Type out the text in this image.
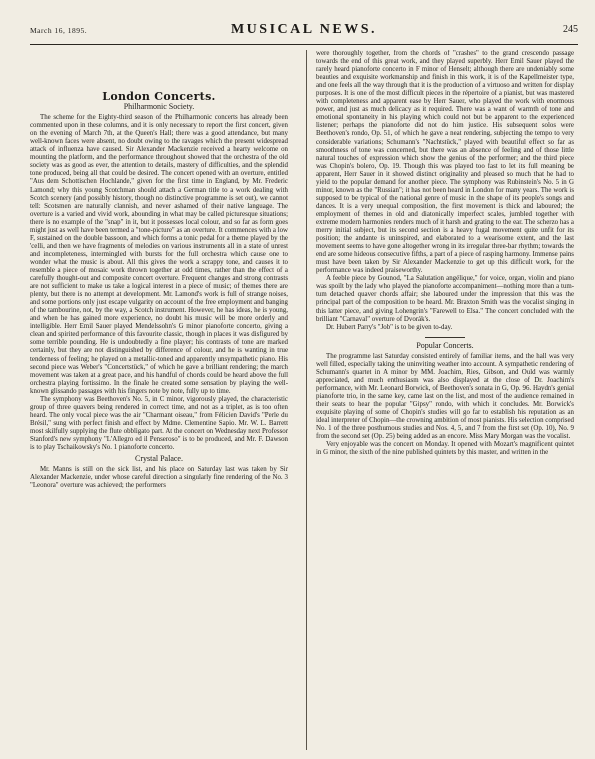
March 16, 1895.	MUSICAL NEWS.	245
London Concerts.
Philharmonic Society.

The scheme for the Eighty-third season of the Philharmonic concerts has already been commented upon in these columns, and it is only necessary to report the first concert, given on the evening of March 7th, at the Queen's Hall; there was a good attendance, but many well-known faces were absent, no doubt owing to the ravages which the present widespread attack of influenza have caused. Sir Alexander Mackenzie received a hearty welcome on mounting the platform, and the performance throughout showed that the orchestra of the old society was as good as ever, the attention to details, mastery of difficulties, and the splendid tone produced, being all that could be desired. The concert opened with an overture, entitled "Aus dem Schottischen Hochlande," given for the first time in England, by Mr. Frederic Lamond; why this young Scotchman should attach a German title to a work dealing with Scotch scenery (and possibly history, though no distinctive programme is set out), we cannot tell: Scotsmen are naturally clannish, and never ashamed of their native language. The overture is a varied and vivid work, abounding in what may be called picturesque situations; there is no example of the "snap" in it, but it possesses local colour, and so far as form goes might just as well have been termed a "tone-picture" as an overture. It commences with a low F, sustained on the double bassoon, and which forms a tonic pedal for a theme played by the 'celli, and then we have fragments of melodies on various instruments all in a state of unrest and incompleteness, intermingled with bursts for the full orchestra which cause one to wonder what the music is about. All this gives the work a scrappy tone, and causes it to resemble a piece of mosaic work thrown together at odd times, rather than the effect of a carefully thought-out and composite concert overture. Frequent changes and strong contrasts are not sufficient to make us take a logical interest in a piece of music; of themes there are plenty, but there is no attempt at development. Mr. Lamond's work is full of strange noises, and some portions only just escape vulgarity on account of the free employment and banging of the tambourine, not, by the way, a Scotch instrument. However, he has ideas, he is young, and when he has gained more experience, no doubt his music will be more orderly and intelligible. Herr Emil Sauer played Mendelssohn's G minor pianoforte concerto, giving a clean and spirited performance of this favourite classic, though in places it was disfigured by some terrible pounding. He is undoubtedly a fine player; his contrasts of tone are marked certainly, but they are not distinguished by difference of colour, and he is wanting in true tenderness of feeling; he played on a metallic-toned and apparently unsympathetic piano. His second piece was Weber's "Concertstück," of which he gave a brilliant rendering; the march movement was taken at a great pace, and his handful of chords could be heard above the full orchestra playing fortissimo. In the finale he created some sensation by playing the well-known glissando passages with his fingers note by note, fully up to time.

The symphony was Beethoven's No. 5, in C minor, vigorously played, the characteristic group of three quavers being rendered in correct time, and not as a triplet, as is too often heard. The only vocal piece was the air "Charmant oiseau," from Félicien David's "Perle du Brésil," sung with perfect finish and effect by Mdme. Clementine Sapio. Mr. W. L. Barrett most skilfully supplying the flute obbligato part. At the concert on Wednesday next Professor Stanford's new symphony "L'Allegro ed il Penseroso" is to be produced, and Mr. F. Dawson is to play Tschaikowsky's No. 1 pianoforte concerto.

Crystal Palace.

Mr. Manns is still on the sick list, and his place on Saturday last was taken by Sir Alexander Mackenzie, under whose careful direction a singularly fine rendering of the No. 3 "Leonora" overture was achieved; the performers

were thoroughly together, from the chords of "crashes" to the grand crescendo passage towards the end of this great work, and they played superbly. Herr Emil Sauer played the rarely heard pianoforte concerto in F minor of Henselt; although there are undeniably some beauties and exquisite workmanship and finish in this work, it is of the Kapellmeister type, and one feels all the way through that it is the production of a virtuoso and written for display purposes. It is one of the most difficult pieces in the répertoire of a pianist, but was mastered with completeness and apparent ease by Herr Sauer, who played the work with enormous power, and just as much delicacy as it required. There was a want of warmth of tone and emotional spontaneity in his playing which could not but be apparent to the experienced listener; perhaps the pianoforte did not do him justice. His subsequent solos were Beethoven's rondo, Op. 51, of which he gave a neat rendering, subjecting the tempo to very considerable variations; Schumann's "Nachtstück," played with beautiful effect so far as smoothness of tone was concerned, but there was an absence of feeling and of those little natural touches of expression which show the genius of the performer; and the third piece was Chopin's bolero, Op. 19. Though this was played too fast to let its full meaning be apparent, Herr Sauer in it showed distinct originality and pleased so much that he had to yield to the popular demand for another piece. The symphony was Rubinstein's No. 5 in G minor, known as the "Russian"; it has not been heard in London for many years. The work is supposed to be typical of the national genre of music in the shape of its people's songs and dances. It is a very unequal composition, the first movement is thick and laboured; the employment of themes in old and diatonically imperfect scales, jumbled together with extreme modern harmonies renders much of it harsh and grating to the ear. The scherzo has a merry initial subject, but its second section is a heavy fugal movement quite unfit for its position; the andante is uninspired, and elaborated to a wearisome extent, and the last movement seems to have gone altogether wrong in its irregular three-bar rhythm; towards the end are some hideous consecutive fifths, a part of a piece of rasping harmony. Immense pains must have been taken by Sir Alexander Mackenzie to get up this difficult work, for the performance was indeed praiseworthy.

A feeble piece by Gounod, "La Salutation angélique," for voice, organ, violin and piano was spoilt by the lady who played the pianoforte accompaniment—nothing more than a tum-tum detached quaver chords affair; she laboured under the impression that this was the principal part of the composition to be heard. Mr. Braxton Smith was the vocalist singing in this latter piece, and giving Lohengrin's "Farewell to Elsa." The concert concluded with the brilliant "Carnaval" overture of Dvorák's.

Dr. Hubert Parry's "Job" is to be given to-day.

Popular Concerts.

The programme last Saturday consisted entirely of familiar items, and the hall was very well filled, especially taking the uninviting weather into account. A sympathetic rendering of Schumann's quartet in A minor by MM. Joachim, Ries, Gibson, and Ould was warmly appreciated, and much enthusiasm was also displayed at the close of Dr. Joachim's performance, with Mr. Leonard Borwick, of Beethoven's sonata in G, Op. 96. Haydn's genial pianoforte trio, in the same key, came last on the list, and most of the audience remained in their seats to hear the popular "Gipsy" rondo, with which it concludes. Mr. Borwick's exquisite playing of some of Chopin's studies will go far to establish his reputation as an ideal interpreter of Chopin—the crowning ambition of most pianists. His selection comprised No. 1 of the three posthumous studies and Nos. 4, 5, and 7 from the first set (Op. 10), No. 9 from the second set (Op. 25) being added as an encore. Miss Mary Morgan was the vocalist.

Very enjoyable was the concert on Monday. It opened with Mozart's magnificent quintet in G minor, the sixth of the nine published quintets by this master, and written in the
